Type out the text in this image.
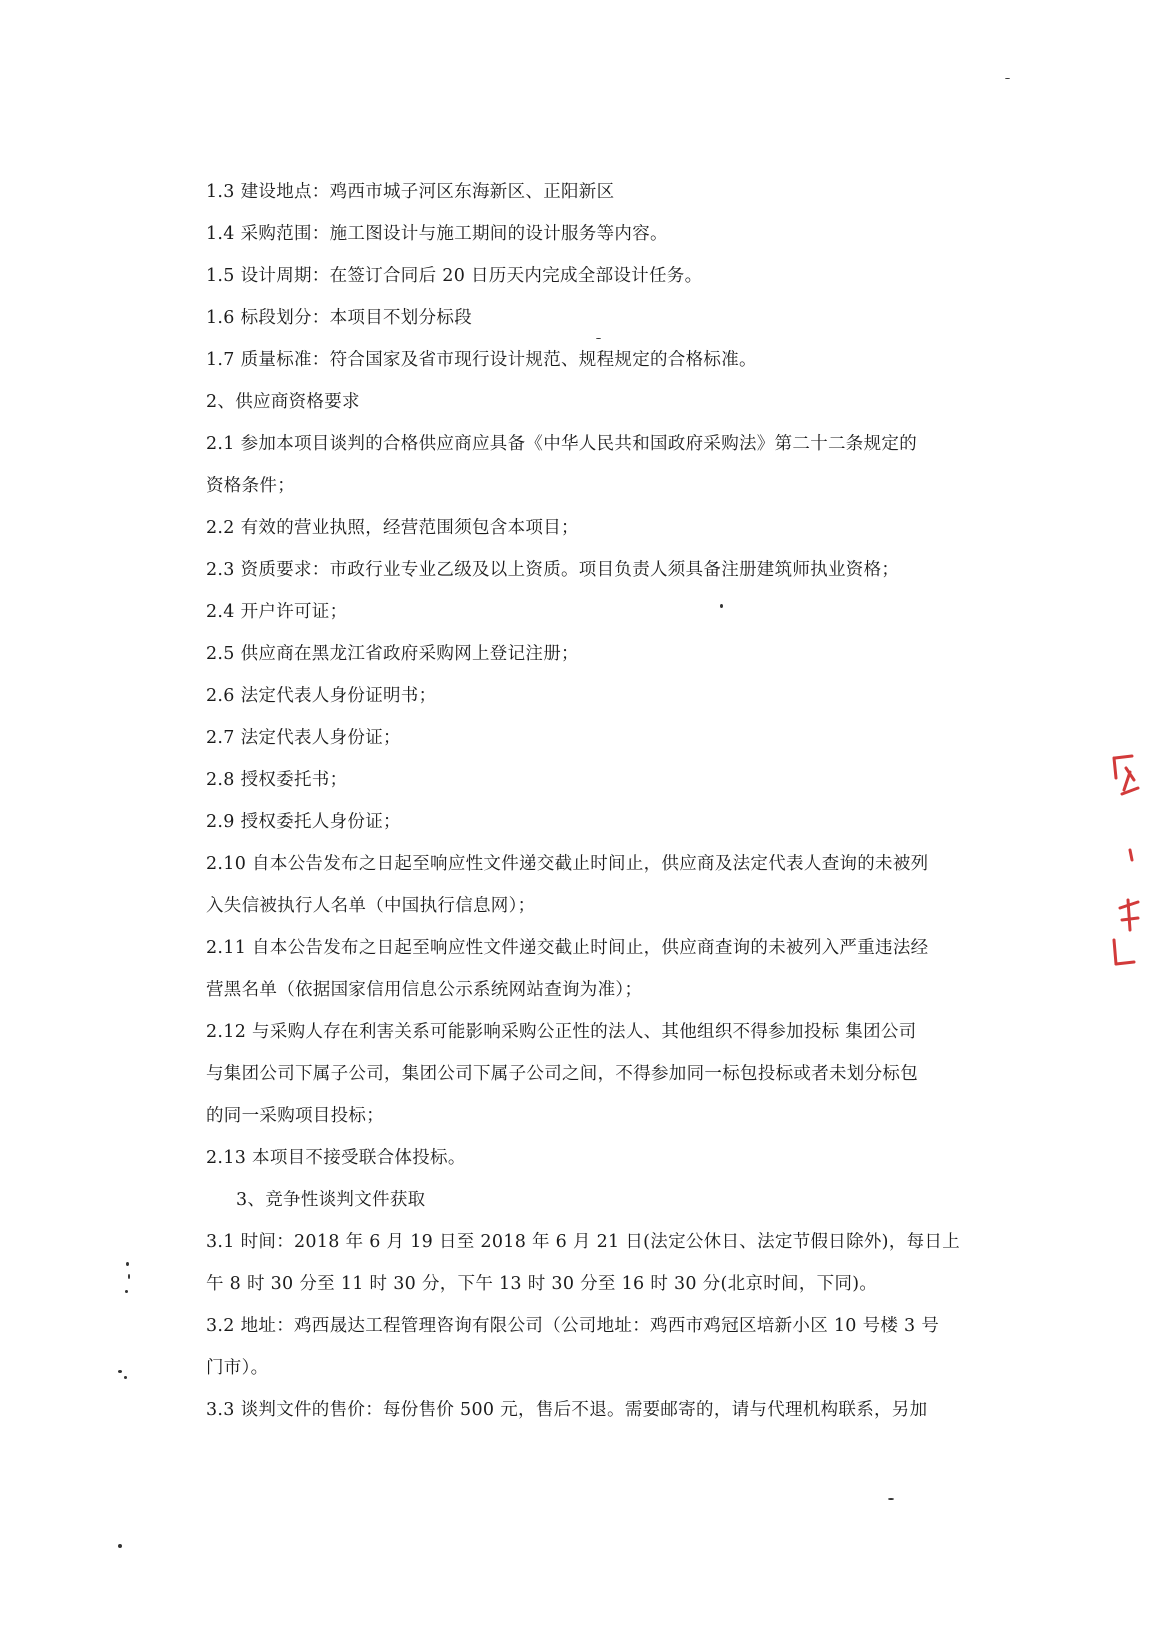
1.3 建设地点：鸡西市城子河区东海新区、正阳新区
1.4 采购范围：施工图设计与施工期间的设计服务等内容。
1.5 设计周期：在签订合同后 20 日历天内完成全部设计任务。
1.6 标段划分：本项目不划分标段
1.7 质量标准：符合国家及省市现行设计规范、规程规定的合格标准。
2、供应商资格要求
2.1 参加本项目谈判的合格供应商应具备《中华人民共和国政府采购法》第二十二条规定的
资格条件；
2.2 有效的营业执照，经营范围须包含本项目；
2.3 资质要求：市政行业专业乙级及以上资质。项目负责人须具备注册建筑师执业资格；
2.4 开户许可证；
2.5 供应商在黑龙江省政府采购网上登记注册；
2.6 法定代表人身份证明书；
2.7 法定代表人身份证；
2.8 授权委托书；
2.9 授权委托人身份证；
2.10 自本公告发布之日起至响应性文件递交截止时间止，供应商及法定代表人查询的未被列
入失信被执行人名单（中国执行信息网）；
2.11 自本公告发布之日起至响应性文件递交截止时间止，供应商查询的未被列入严重违法经
营黑名单（依据国家信用信息公示系统网站查询为准）；
2.12 与采购人存在利害关系可能影响采购公正性的法人、其他组织不得参加投标 集团公司
与集团公司下属子公司，集团公司下属子公司之间，不得参加同一标包投标或者未划分标包
的同一采购项目投标；
2.13 本项目不接受联合体投标。
3、竞争性谈判文件获取
3.1 时间：2018 年 6 月 19 日至 2018 年 6 月 21 日(法定公休日、法定节假日除外)，每日上
午 8 时 30 分至 11 时 30 分，下午 13 时 30 分至 16 时 30 分(北京时间，下同)。
3.2 地址：鸡西晟达工程管理咨询有限公司（公司地址：鸡西市鸡冠区培新小区 10 号楼 3 号
门市）。
3.3 谈判文件的售价：每份售价 500 元，售后不退。需要邮寄的，请与代理机构联系，另加
